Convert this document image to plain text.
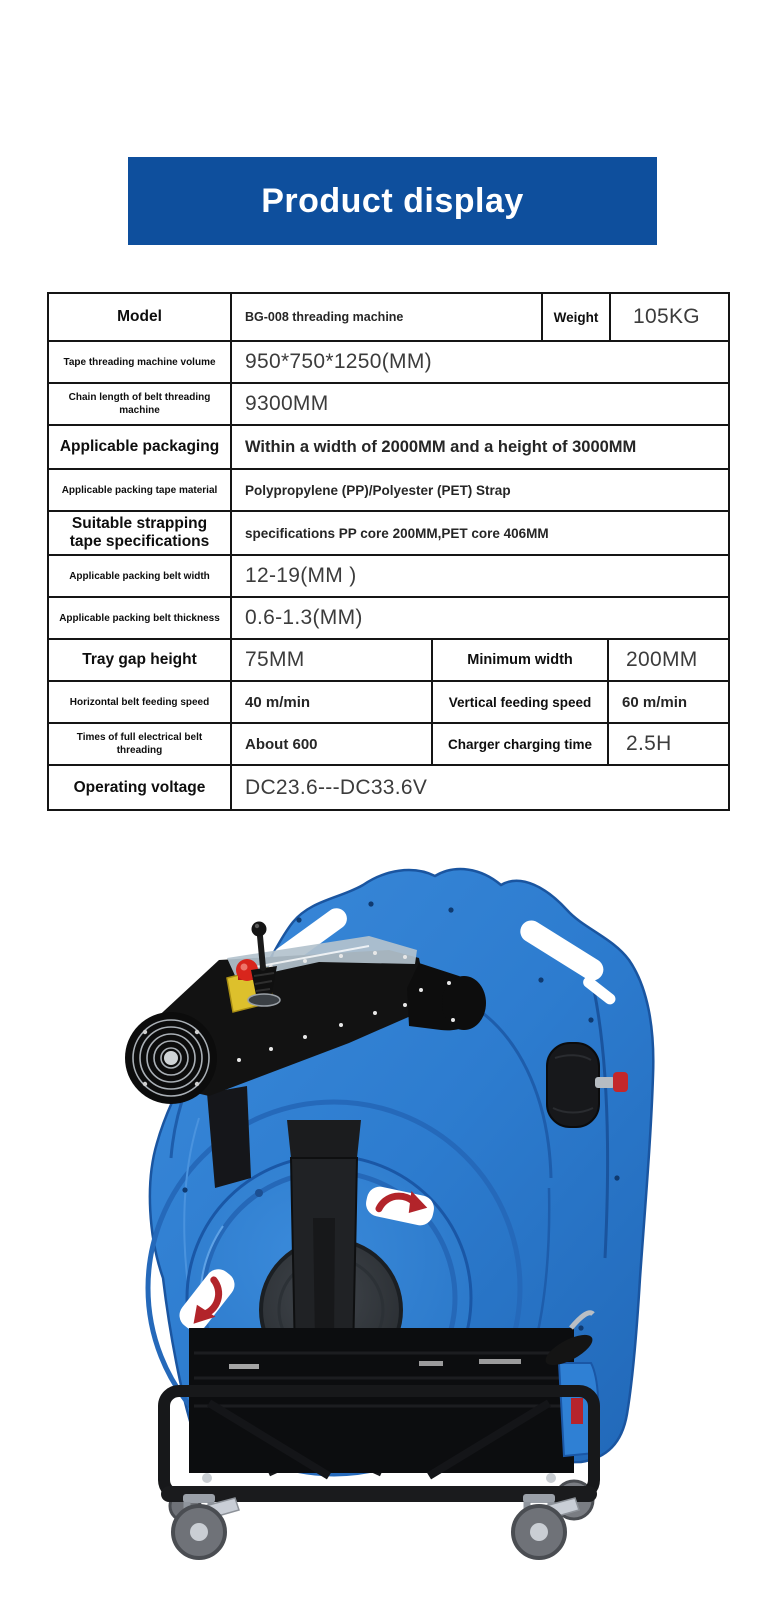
Product display
Model	BG-008 threading machine	Weight	105KG
Tape threading machine volume	950*750*1250(MM)
Chain length of belt threading machine	9300MM
Applicable packaging	Within a width of 2000MM and a height of 3000MM
Applicable packing tape material	Polypropylene (PP)/Polyester (PET) Strap
Suitable strapping tape specifications	specifications PP core 200MM,PET core 406MM
Applicable packing belt width	12-19(MM )
Applicable packing belt thickness	0.6-1.3(MM)
Tray gap height	75MM	Minimum width	200MM
Horizontal belt feeding speed	40 m/min	Vertical feeding speed	60 m/min
Times of full electrical belt threading	About 600	Charger charging time	2.5H
Operating voltage	DC23.6---DC33.6V
